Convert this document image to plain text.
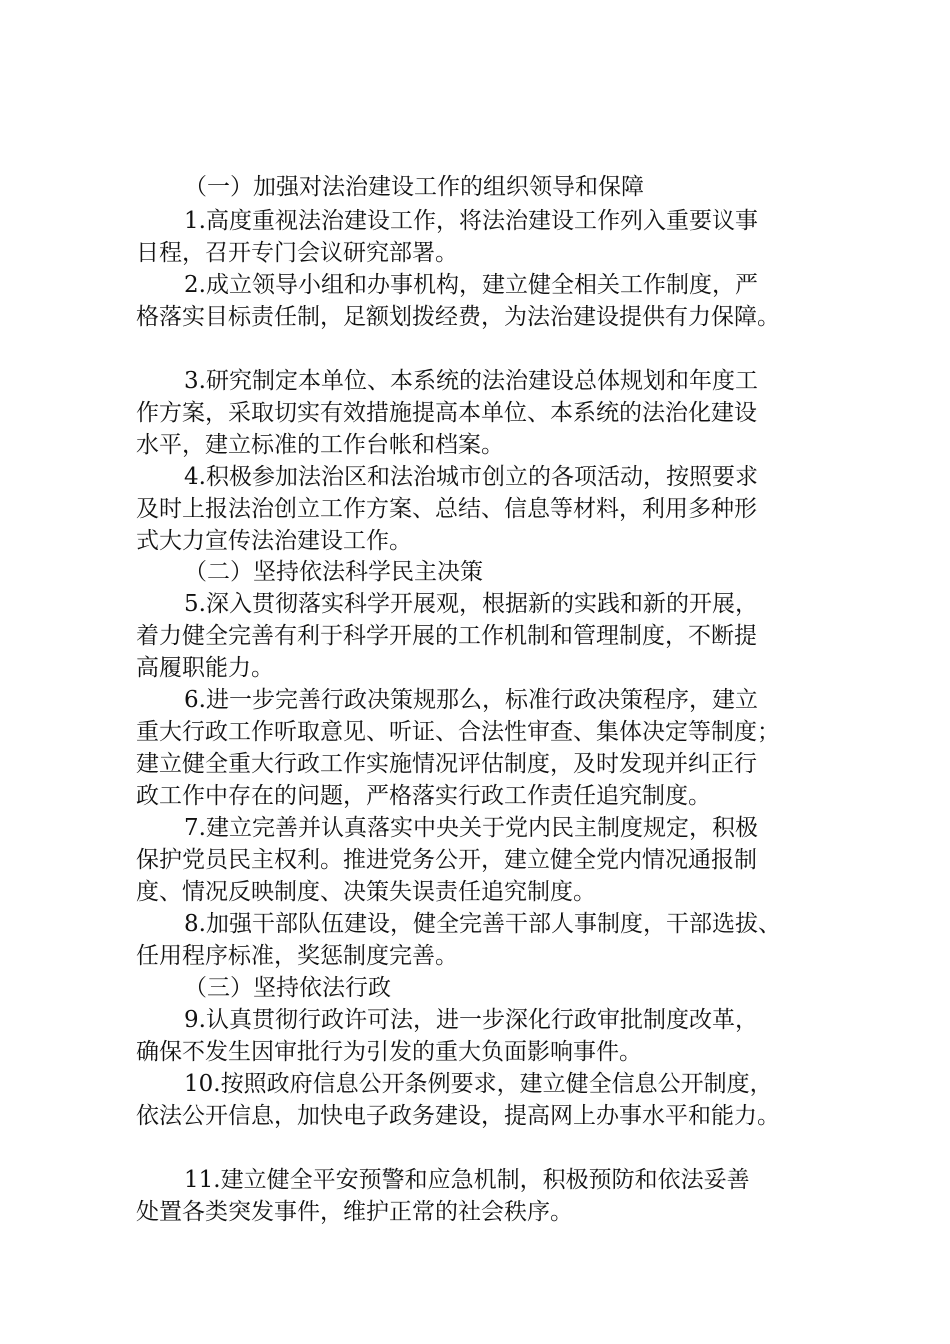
（一）加强对法治建设工作的组织领导和保障
1.高度重视法治建设工作，将法治建设工作列入重要议事
日程，召开专门会议研究部署。
2.成立领导小组和办事机构，建立健全相关工作制度，严
格落实目标责任制，足额划拨经费，为法治建设提供有力保障。
3.研究制定本单位、本系统的法治建设总体规划和年度工
作方案，采取切实有效措施提高本单位、本系统的法治化建设
水平，建立标准的工作台帐和档案。
4.积极参加法治区和法治城市创立的各项活动，按照要求
及时上报法治创立工作方案、总结、信息等材料，利用多种形
式大力宣传法治建设工作。
（二）坚持依法科学民主决策
5.深入贯彻落实科学开展观，根据新的实践和新的开展，
着力健全完善有利于科学开展的工作机制和管理制度，不断提
高履职能力。
6.进一步完善行政决策规那么，标准行政决策程序，建立
重大行政工作听取意见、听证、合法性审查、集体决定等制度；
建立健全重大行政工作实施情况评估制度，及时发现并纠正行
政工作中存在的问题，严格落实行政工作责任追究制度。
7.建立完善并认真落实中央关于党内民主制度规定，积极
保护党员民主权利。推进党务公开，建立健全党内情况通报制
度、情况反映制度、决策失误责任追究制度。
8.加强干部队伍建设，健全完善干部人事制度，干部选拔、
任用程序标准，奖惩制度完善。
（三）坚持依法行政
9.认真贯彻行政许可法，进一步深化行政审批制度改革，
确保不发生因审批行为引发的重大负面影响事件。
10.按照政府信息公开条例要求，建立健全信息公开制度，
依法公开信息，加快电子政务建设，提高网上办事水平和能力。
11.建立健全平安预警和应急机制，积极预防和依法妥善
处置各类突发事件，维护正常的社会秩序。
